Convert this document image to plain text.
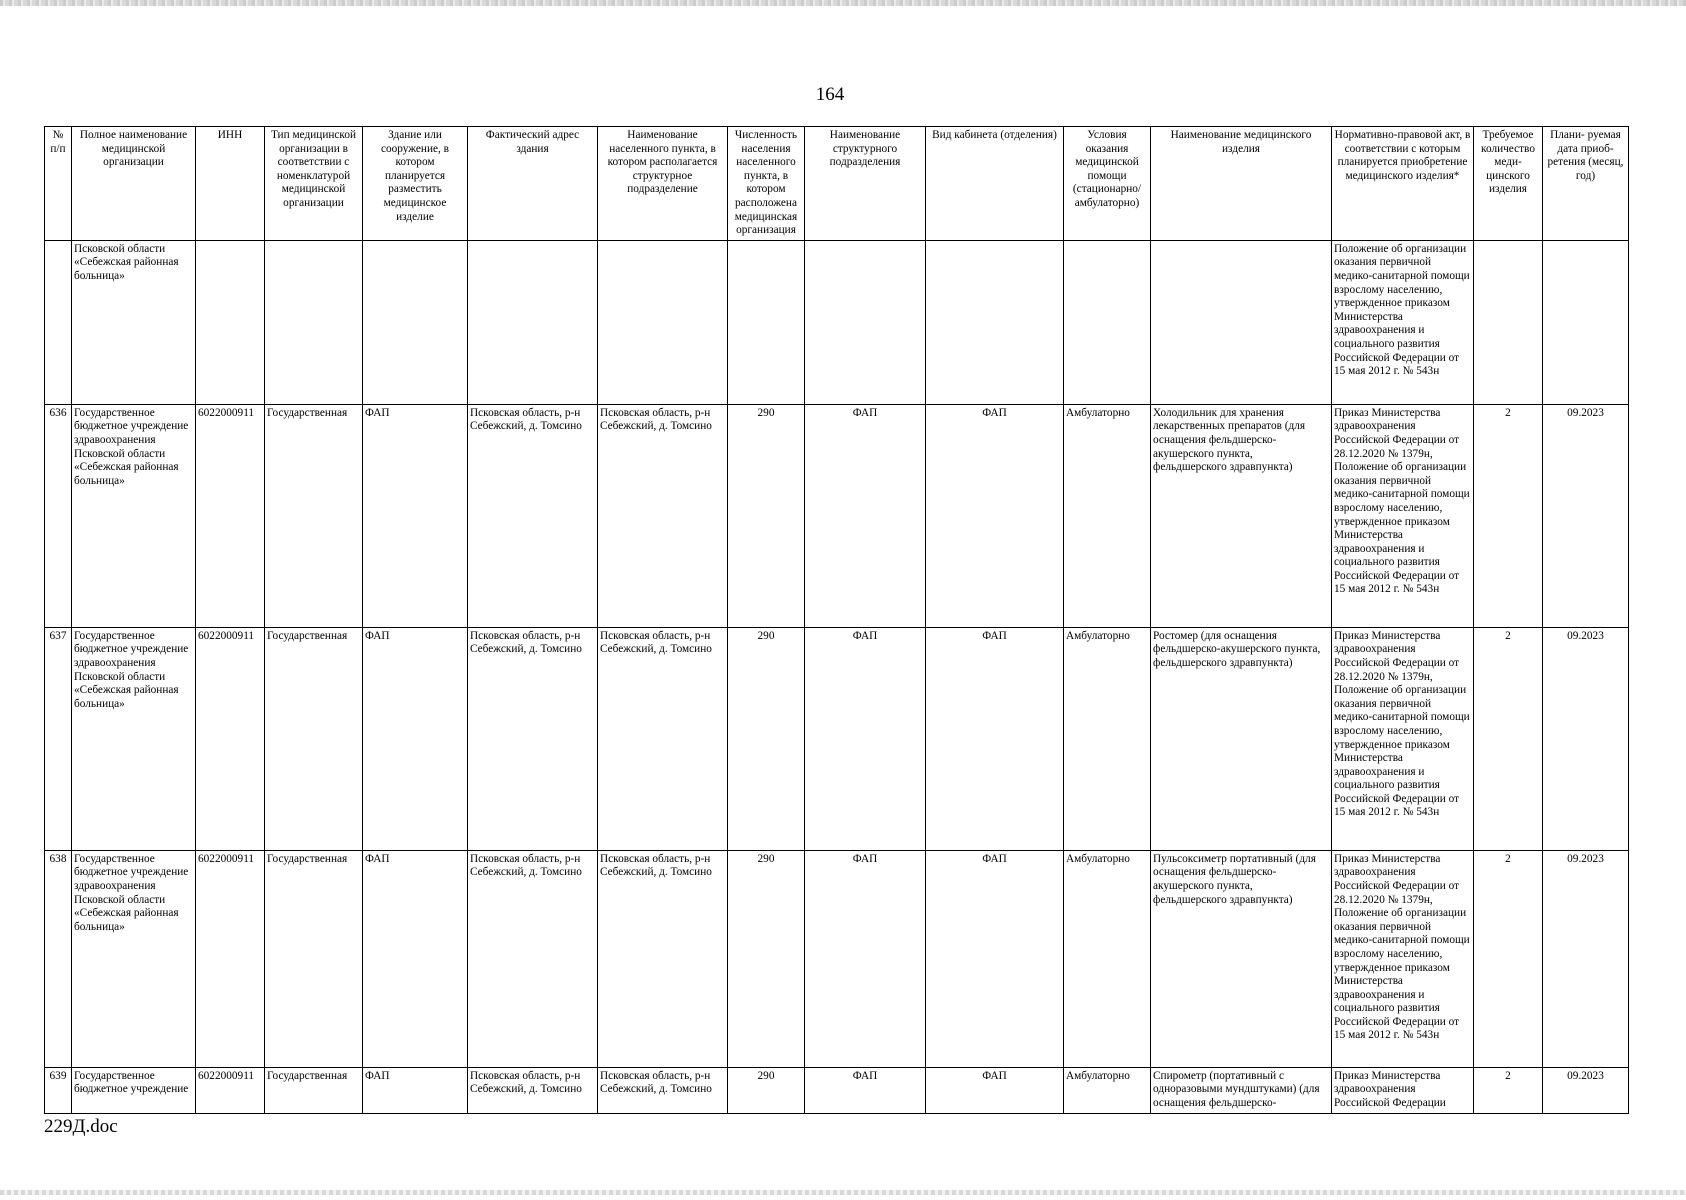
164
№ п/п	Полное наименование медицинской организации	ИНН	Тип медицинской организации в соответствии с номенклатурой медицинской организации	Здание или сооружение, в котором планируется разместить медицинское изделие	Фактический адрес здания	Наименование населенного пункта, в котором располагается структурное подразделение	Численность населения населенного пункта, в котором расположена медицинская организация	Наименование структурного подразделения	Вид кабинета (отделения)	Условия оказания медицинской помощи (стационарно/ амбулаторно)	Наименование медицинского изделия	Нормативно-правовой акт, в соответствии с которым планируется приобретение медицинского изделия*	Требуемое количество меди- цинского изделия	Плани- руемая дата приоб- ретения (месяц, год)
	Псковской области «Себежская районная больница»											Положение об организации оказания первичной медико-санитарной помощи взрослому населению, утвержденное приказом Министерства здравоохранения и социального развития Российской Федерации от 15 мая 2012 г. № 543н		
636	Государственное бюджетное учреждение здравоохранения Псковской области «Себежская районная больница»	6022000911	Государственная	ФАП	Псковская область, р-н Себежский, д. Томсино	Псковская область, р-н Себежский, д. Томсино	290	ФАП	ФАП	Амбулаторно	Холодильник для хранения лекарственных препаратов (для оснащения фельдшерско-акушерского пункта, фельдшерского здравпункта)	Приказ Министерства здравоохранения Российской Федерации от 28.12.2020 № 1379н, Положение об организации оказания первичной медико-санитарной помощи взрослому населению, утвержденное приказом Министерства здравоохранения и социального развития Российской Федерации от 15 мая 2012 г. № 543н	2	09.2023
637	Государственное бюджетное учреждение здравоохранения Псковской области «Себежская районная больница»	6022000911	Государственная	ФАП	Псковская область, р-н Себежский, д. Томсино	Псковская область, р-н Себежский, д. Томсино	290	ФАП	ФАП	Амбулаторно	Ростомер (для оснащения фельдшерско-акушерского пункта, фельдшерского здравпункта)	Приказ Министерства здравоохранения Российской Федерации от 28.12.2020 № 1379н, Положение об организации оказания первичной медико-санитарной помощи взрослому населению, утвержденное приказом Министерства здравоохранения и социального развития Российской Федерации от 15 мая 2012 г. № 543н	2	09.2023
638	Государственное бюджетное учреждение здравоохранения Псковской области «Себежская районная больница»	6022000911	Государственная	ФАП	Псковская область, р-н Себежский, д. Томсино	Псковская область, р-н Себежский, д. Томсино	290	ФАП	ФАП	Амбулаторно	Пульсоксиметр портативный (для оснащения фельдшерско-акушерского пункта, фельдшерского здравпункта)	Приказ Министерства здравоохранения Российской Федерации от 28.12.2020 № 1379н, Положение об организации оказания первичной медико-санитарной помощи взрослому населению, утвержденное приказом Министерства здравоохранения и социального развития Российской Федерации от 15 мая 2012 г. № 543н	2	09.2023
639	Государственное бюджетное учреждение	6022000911	Государственная	ФАП	Псковская область, р-н Себежский, д. Томсино	Псковская область, р-н Себежский, д. Томсино	290	ФАП	ФАП	Амбулаторно	Спирометр (портативный с одноразовыми мундштуками) (для оснащения фельдшерско-	Приказ Министерства здравоохранения Российской Федерации	2	09.2023
229Д.doc
